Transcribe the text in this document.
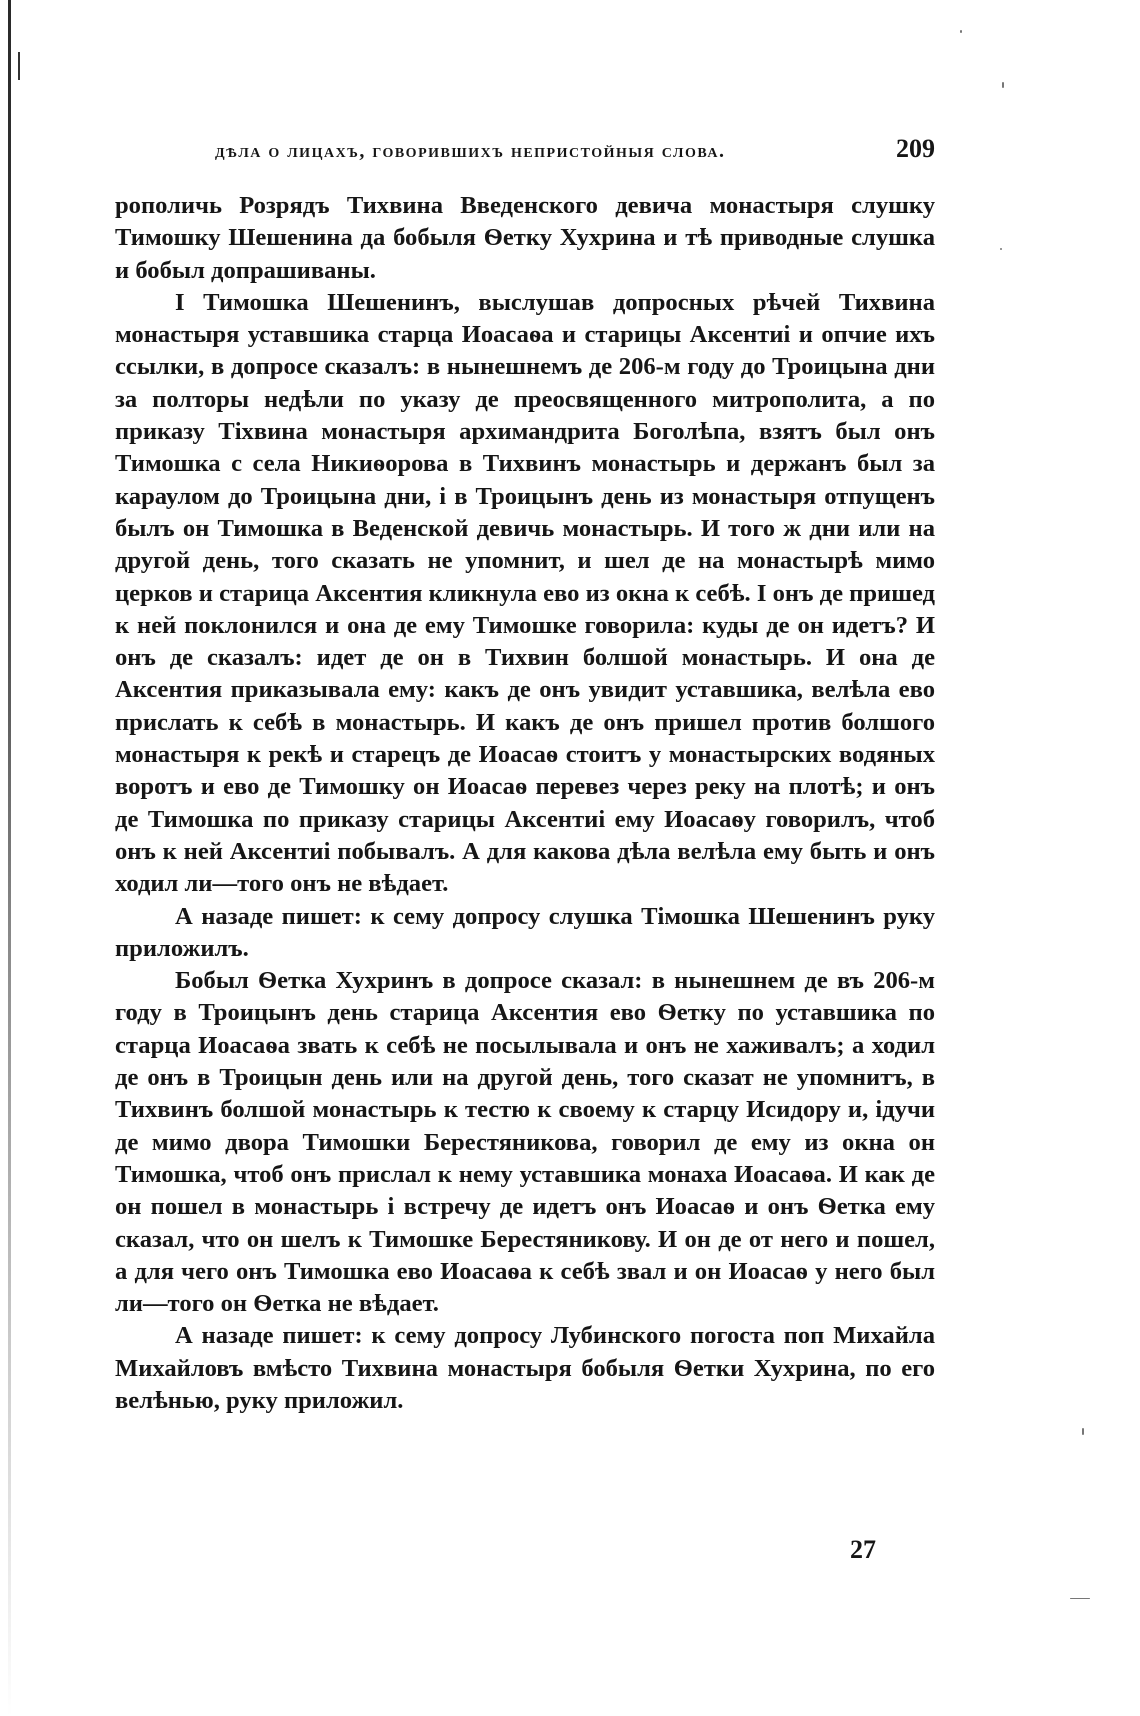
дѣла о лицахъ, говорившихъ непристойныя слова.	209

рополичь Розрядъ Тихвина Введенского девича монастыря слушку Тимошку Шешенина да бобыля Ѳетку Хухрина и тѣ приводные слушка и бобыл допрашиваны.

І Тимошка Шешенинъ, выслушав допросных рѣчей Тихвина монастыря уставшика старца Иоасаѳа и старицы Аксентиі и опчие ихъ ссылки, в допросе сказалъ: в нынешнемъ де 206-м году до Троицына дни за полторы недѣли по указу де преосвященного митрополита, а по приказу Тіхвина монастыря архимандрита Боголѣпа, взятъ был онъ Тимошка с села Никиѳорова в Тихвинъ монастырь и держанъ был за караулом до Троицына дни, і в Троицынъ день из монастыря отпущенъ былъ он Тимошка в Веденской девичь монастырь. И того ж дни или на другой день, того сказать не упомнит, и шел де на монастырѣ мимо церков и старица Аксентия кликнула ево из окна к себѣ. І онъ де пришед к ней поклонился и она де ему Тимошке говорила: куды де он идетъ? И онъ де сказалъ: идет де он в Тихвин болшой монастырь. И она де Аксентия приказывала ему: какъ де онъ увидит уставшика, велѣла ево прислать к себѣ в монастырь. И какъ де онъ пришел против болшого монастыря к рекѣ и старецъ де Иоасаѳ стоитъ у монастырских водяных воротъ и ево де Тимошку он Иоасаѳ перевез через реку на плотѣ; и онъ де Тимошка по приказу старицы Аксентиі ему Иоасаѳу говорилъ, чтоб онъ к ней Аксентиі побывалъ. А для какова дѣла велѣла ему быть и онъ ходил ли—того онъ не вѣдает.

А назаде пишет: к сему допросу слушка Тімошка Шешенинъ руку приложилъ.

Бобыл Ѳетка Хухринъ в допросе сказал: в нынешнем де въ 206-м году в Троицынъ день старица Аксентия ево Ѳетку по уставшика по старца Иоасаѳа звать к себѣ не посылывала и онъ не хаживалъ; а ходил де онъ в Троицын день или на другой день, того сказат не упомнитъ, в Тихвинъ болшой монастырь к тестю к своему к старцу Исидору и, ідучи де мимо двора Тимошки Берестяникова, говорил де ему из окна он Тимошка, чтоб онъ прислал к нему уставшика монаха Иоасаѳа. И как де он пошел в монастырь і встречу де идетъ онъ Иоасаѳ и онъ Ѳетка ему сказал, что он шелъ к Тимошке Берестяникову. И он де от него и пошел, а для чего онъ Тимошка ево Иоасаѳа к себѣ звал и он Иоасаѳ у него был ли—того он Ѳетка не вѣдает.

А назаде пишет: к сему допросу Лубинского погоста поп Михайла Михайловъ вмѣсто Тихвина монастыря бобыля Ѳетки Хухрина, по его велѣнью, руку приложил.

27
